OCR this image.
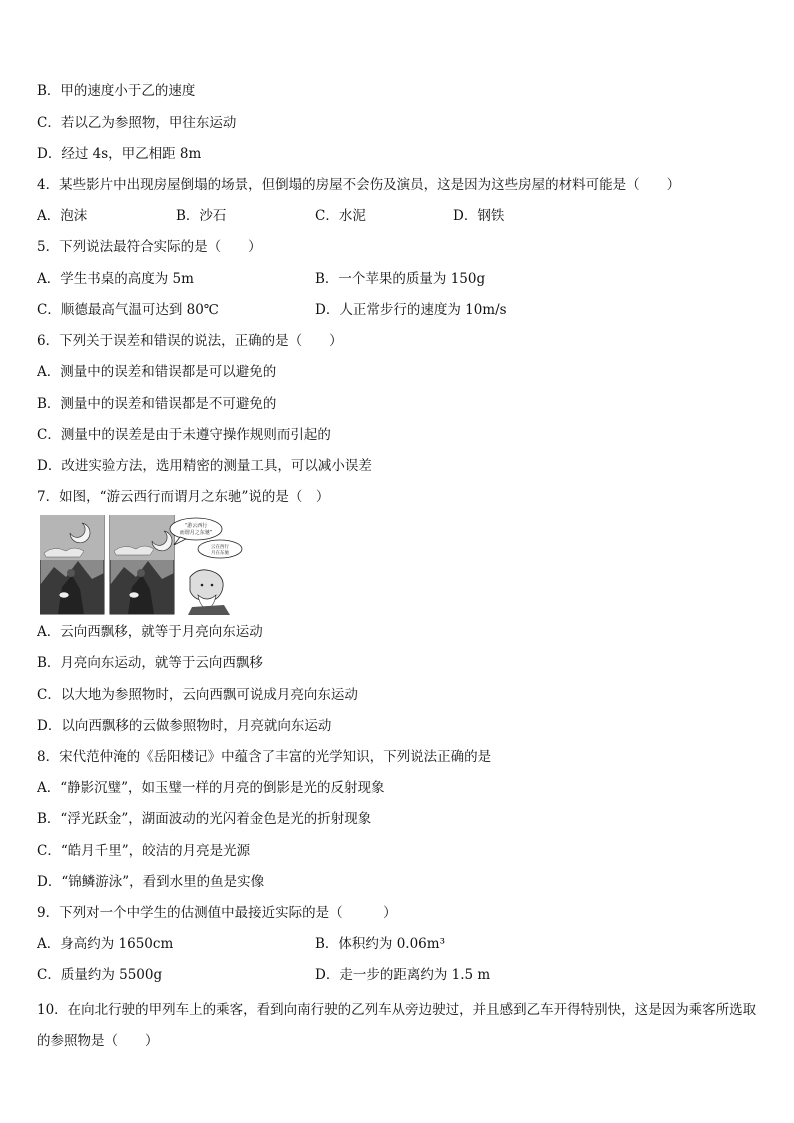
B．甲的速度小于乙的速度
C．若以乙为参照物，甲往东运动
D．经过 4s，甲乙相距 8m
4．某些影片中出现房屋倒塌的场景，但倒塌的房屋不会伤及演员，这是因为这些房屋的材料可能是（　　）
A．泡沫	B．沙石	C．水泥	D．钢铁
5．下列说法最符合实际的是（　　）
A．学生书桌的高度为 5m	B．一个苹果的质量为 150g
C．顺德最高气温可达到 80℃	D．人正常步行的速度为 10m/s
6．下列关于误差和错误的说法，正确的是（　　）
A．测量中的误差和错误都是可以避免的
B．测量中的误差和错误都是不可避免的
C．测量中的误差是由于未遵守操作规则而引起的
D．改进实验方法，选用精密的测量工具，可以减小误差
7．如图，“游云西行而谓月之东驰”说的是（　）
“游云西行
而谓月之东驰”
云在西行
月在东驰
A．云向西飘移，就等于月亮向东运动
B．月亮向东运动，就等于云向西飘移
C．以大地为参照物时，云向西飘可说成月亮向东运动
D．以向西飘移的云做参照物时，月亮就向东运动
8．宋代范仲淹的《岳阳楼记》中蕴含了丰富的光学知识，下列说法正确的是
A．“静影沉璧”，如玉璧一样的月亮的倒影是光的反射现象
B．“浮光跃金”，湖面波动的光闪着金色是光的折射现象
C．“皓月千里”，皎洁的月亮是光源
D．“锦鳞游泳”，看到水里的鱼是实像
9．下列对一个中学生的估测值中最接近实际的是（　　　）
A．身高约为 1650cm	B．体积约为 0.06m³
C．质量约为 5500g	D．走一步的距离约为 1.5 m
10．在向北行驶的甲列车上的乘客，看到向南行驶的乙列车从旁边驶过，并且感到乙车开得特别快，这是因为乘客所选取的参照物是（　　）
